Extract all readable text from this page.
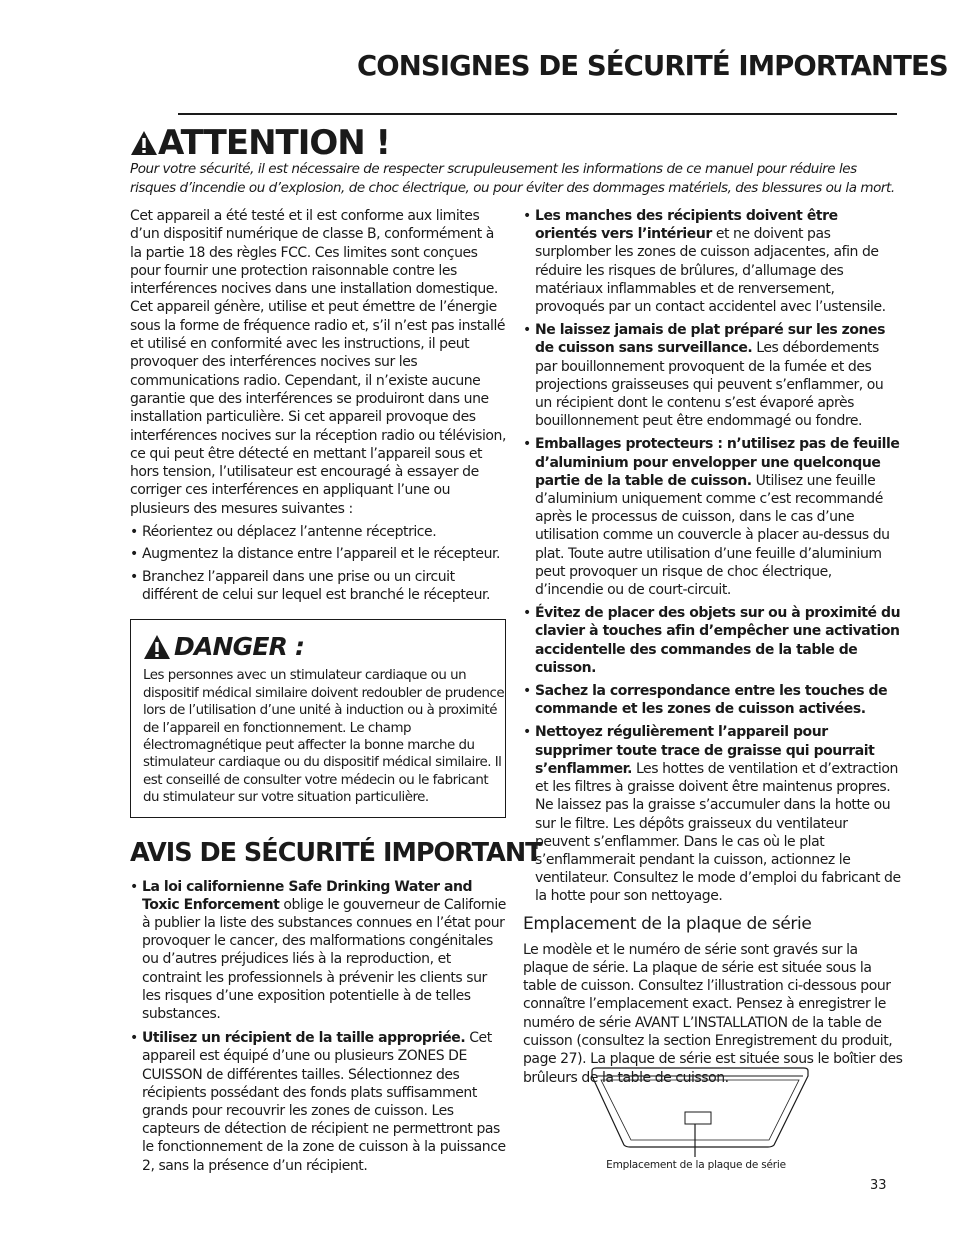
CONSIGNES DE SÉCURITÉ IMPORTANTES
ATTENTION !

Pour votre sécurité, il est nécessaire de respecter scrupuleusement les informations de ce manuel pour réduire les risques d’incendie ou d’explosion, de choc électrique, ou pour éviter des dommages matériels, des blessures ou la mort.

Cet appareil a été testé et il est conforme aux limites d’un dispositif numérique de classe B, conformément à la partie 18 des règles FCC. Ces limites sont conçues pour fournir une protection raisonnable contre les interférences nocives dans une installation domestique. Cet appareil génère, utilise et peut émettre de l’énergie sous la forme de fréquence radio et, s’il n’est pas installé et utilisé en conformité avec les instructions, il peut provoquer des interférences nocives sur les communications radio. Cependant, il n’existe aucune garantie que des interférences se produiront dans une installation particulière. Si cet appareil provoque des interférences nocives sur la réception radio ou télévision, ce qui peut être détecté en mettant l’appareil sous et hors tension, l’utilisateur est encouragé à essayer de corriger ces interférences en appliquant l’une ou plusieurs des mesures suivantes :

• Réorientez ou déplacez l’antenne réceptrice.
• Augmentez la distance entre l’appareil et le récepteur.
• Branchez l’appareil dans une prise ou un circuit différent de celui sur lequel est branché le récepteur.
DANGER :

Les personnes avec un stimulateur cardiaque ou un dispositif médical similaire doivent redoubler de prudence lors de l’utilisation d’une unité à induction ou à proximité de l’appareil en fonctionnement. Le champ électromagnétique peut affecter la bonne marche du stimulateur cardiaque ou du dispositif médical similaire. Il est conseillé de consulter votre médecin ou le fabricant du stimulateur sur votre situation particulière.

AVIS DE SÉCURITÉ IMPORTANT
• La loi californienne Safe Drinking Water and Toxic Enforcement oblige le gouverneur de Californie à publier la liste des substances connues en l’état pour provoquer le cancer, des malformations congénitales ou d’autres préjudices liés à la reproduction, et contraint les professionnels à prévenir les clients sur les risques d’une exposition potentielle à de telles substances.
• Utilisez un récipient de la taille appropriée. Cet appareil est équipé d’une ou plusieurs ZONES DE CUISSON de différentes tailles. Sélectionnez des récipients possédant des fonds plats suffisamment grands pour recouvrir les zones de cuisson. Les capteurs de détection de récipient ne permettront pas le fonctionnement de la zone de cuisson à la puissance 2, sans la présence d’un récipient.
• Les manches des récipients doivent être orientés vers l’intérieur et ne doivent pas surplomber les zones de cuisson adjacentes, afin de réduire les risques de brûlures, d’allumage des matériaux inflammables et de renversement, provoqués par un contact accidentel avec l’ustensile.
• Ne laissez jamais de plat préparé sur les zones de cuisson sans surveillance. Les débordements par bouillonnement provoquent de la fumée et des projections graisseuses qui peuvent s’enflammer, ou un récipient dont le contenu s’est évaporé après bouillonnement peut être endommagé ou fondre.
• Emballages protecteurs : n’utilisez pas de feuille d’aluminium pour envelopper une quelconque partie de la table de cuisson. Utilisez une feuille d’aluminium uniquement comme c’est recommandé après le processus de cuisson, dans le cas d’une utilisation comme un couvercle à placer au-dessus du plat. Toute autre utilisation d’une feuille d’aluminium peut provoquer un risque de choc électrique, d’incendie ou de court-circuit.
• Évitez de placer des objets sur ou à proximité du clavier à touches afin d’empêcher une activation accidentelle des commandes de la table de cuisson.
• Sachez la correspondance entre les touches de commande et les zones de cuisson activées.
• Nettoyez régulièrement l’appareil pour supprimer toute trace de graisse qui pourrait s’enflammer. Les hottes de ventilation et d’extraction et les filtres à graisse doivent être maintenus propres. Ne laissez pas la graisse s’accumuler dans la hotte ou sur le filtre. Les dépôts graisseux du ventilateur peuvent s’enflammer. Dans le cas où le plat s’enflammerait pendant la cuisson, actionnez le ventilateur. Consultez le mode d’emploi du fabricant de la hotte pour son nettoyage.
Emplacement de la plaque de série

Le modèle et le numéro de série sont gravés sur la plaque de série. La plaque de série est située sous la table de cuisson. Consultez l’illustration ci-dessous pour connaître l’emplacement exact. Pensez à enregistrer le numéro de série AVANT L’INSTALLATION de la table de cuisson (consultez la section Enregistrement du produit, page 27). La plaque de série est située sous le boîtier des brûleurs de la table de cuisson.

Emplacement de la plaque de série
33
